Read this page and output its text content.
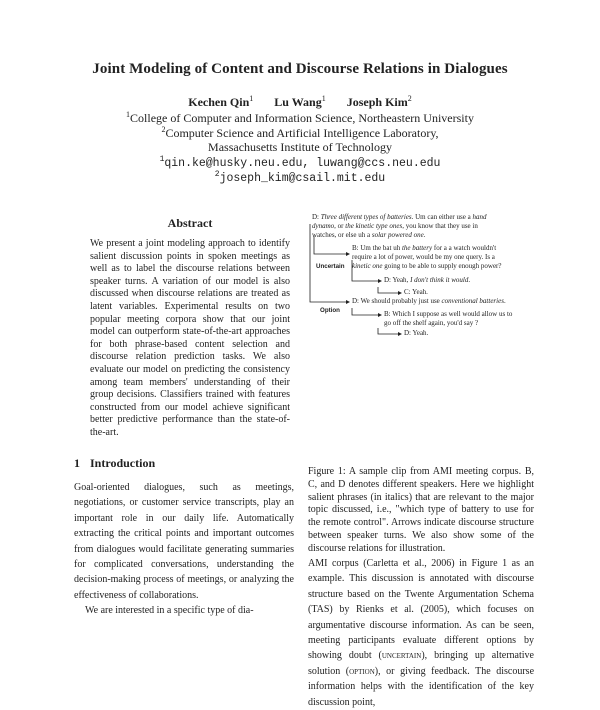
Joint Modeling of Content and Discourse Relations in Dialogues
Kechen Qin$^1$ Lu Wang$^1$ Joseph Kim$^2$
$^1$College of Computer and Information Science, Northeastern University
$^2$Computer Science and Artificial Intelligence Laboratory,
Massachusetts Institute of Technology
$^1$qin.ke@husky.neu.edu, luwang@ccs.neu.edu
$^2$joseph_kim@csail.mit.edu
Abstract
We present a joint modeling approach to identify salient discussion points in spoken meetings as well as to label the discourse relations between speaker turns. A variation of our model is also discussed when discourse relations are treated as latent variables. Experimental results on two popular meeting corpora show that our joint model can outperform state-of-the-art approaches for both phrase-based content selection and discourse relation prediction tasks. We also evaluate our model on predicting the consistency among team members' understanding of their group decisions. Classifiers trained with features constructed from our model achieve significant better predictive performance than the state-of-the-art.
1 Introduction

Goal-oriented dialogues, such as meetings, negotiations, or customer service transcripts, play an important role in our daily life. Automatically extracting the critical points and important outcomes from dialogues would facilitate generating summaries for complicated conversations, understanding the decision-making process of meetings, or analyzing the effectiveness of collaborations.

We are interested in a specific type of dia-

D: Three different types of batteries. Um can either use a hand
dynamo, or the kinetic type ones, you know that they use in
watches, or else uh a solar powered one.
B: Um the bat uh the battery for a a watch wouldn't
require a lot of power, would be my one query. Is a
kinetic one going to be able to supply enough power?
Uncertain
D: Yeah, I don't think it would.
C: Yeah.
D: We should probably just use conventional batteries.
Option	B: Which I suppose as well would allow us to
go off the shelf again, you'd say ?
D: Yeah.
Figure 1: A sample clip from AMI meeting corpus. B, C, and D denotes different speakers. Here we highlight salient phrases (in italics) that are relevant to the major topic discussed, i.e., "which type of battery to use for the remote control". Arrows indicate discourse structure between speaker turns. We also show some of the discourse relations for illustration.
AMI corpus (Carletta et al., 2006) in Figure 1 as an example. This discussion is annotated with discourse structure based on the Twente Argumentation Schema (TAS) by Rienks et al. (2005), which focuses on argumentative discourse information. As can be seen, meeting participants evaluate different options by showing doubt (uncertain), bringing up alternative solution (option), or giving feedback. The discourse information helps with the identification of the key discussion point,
